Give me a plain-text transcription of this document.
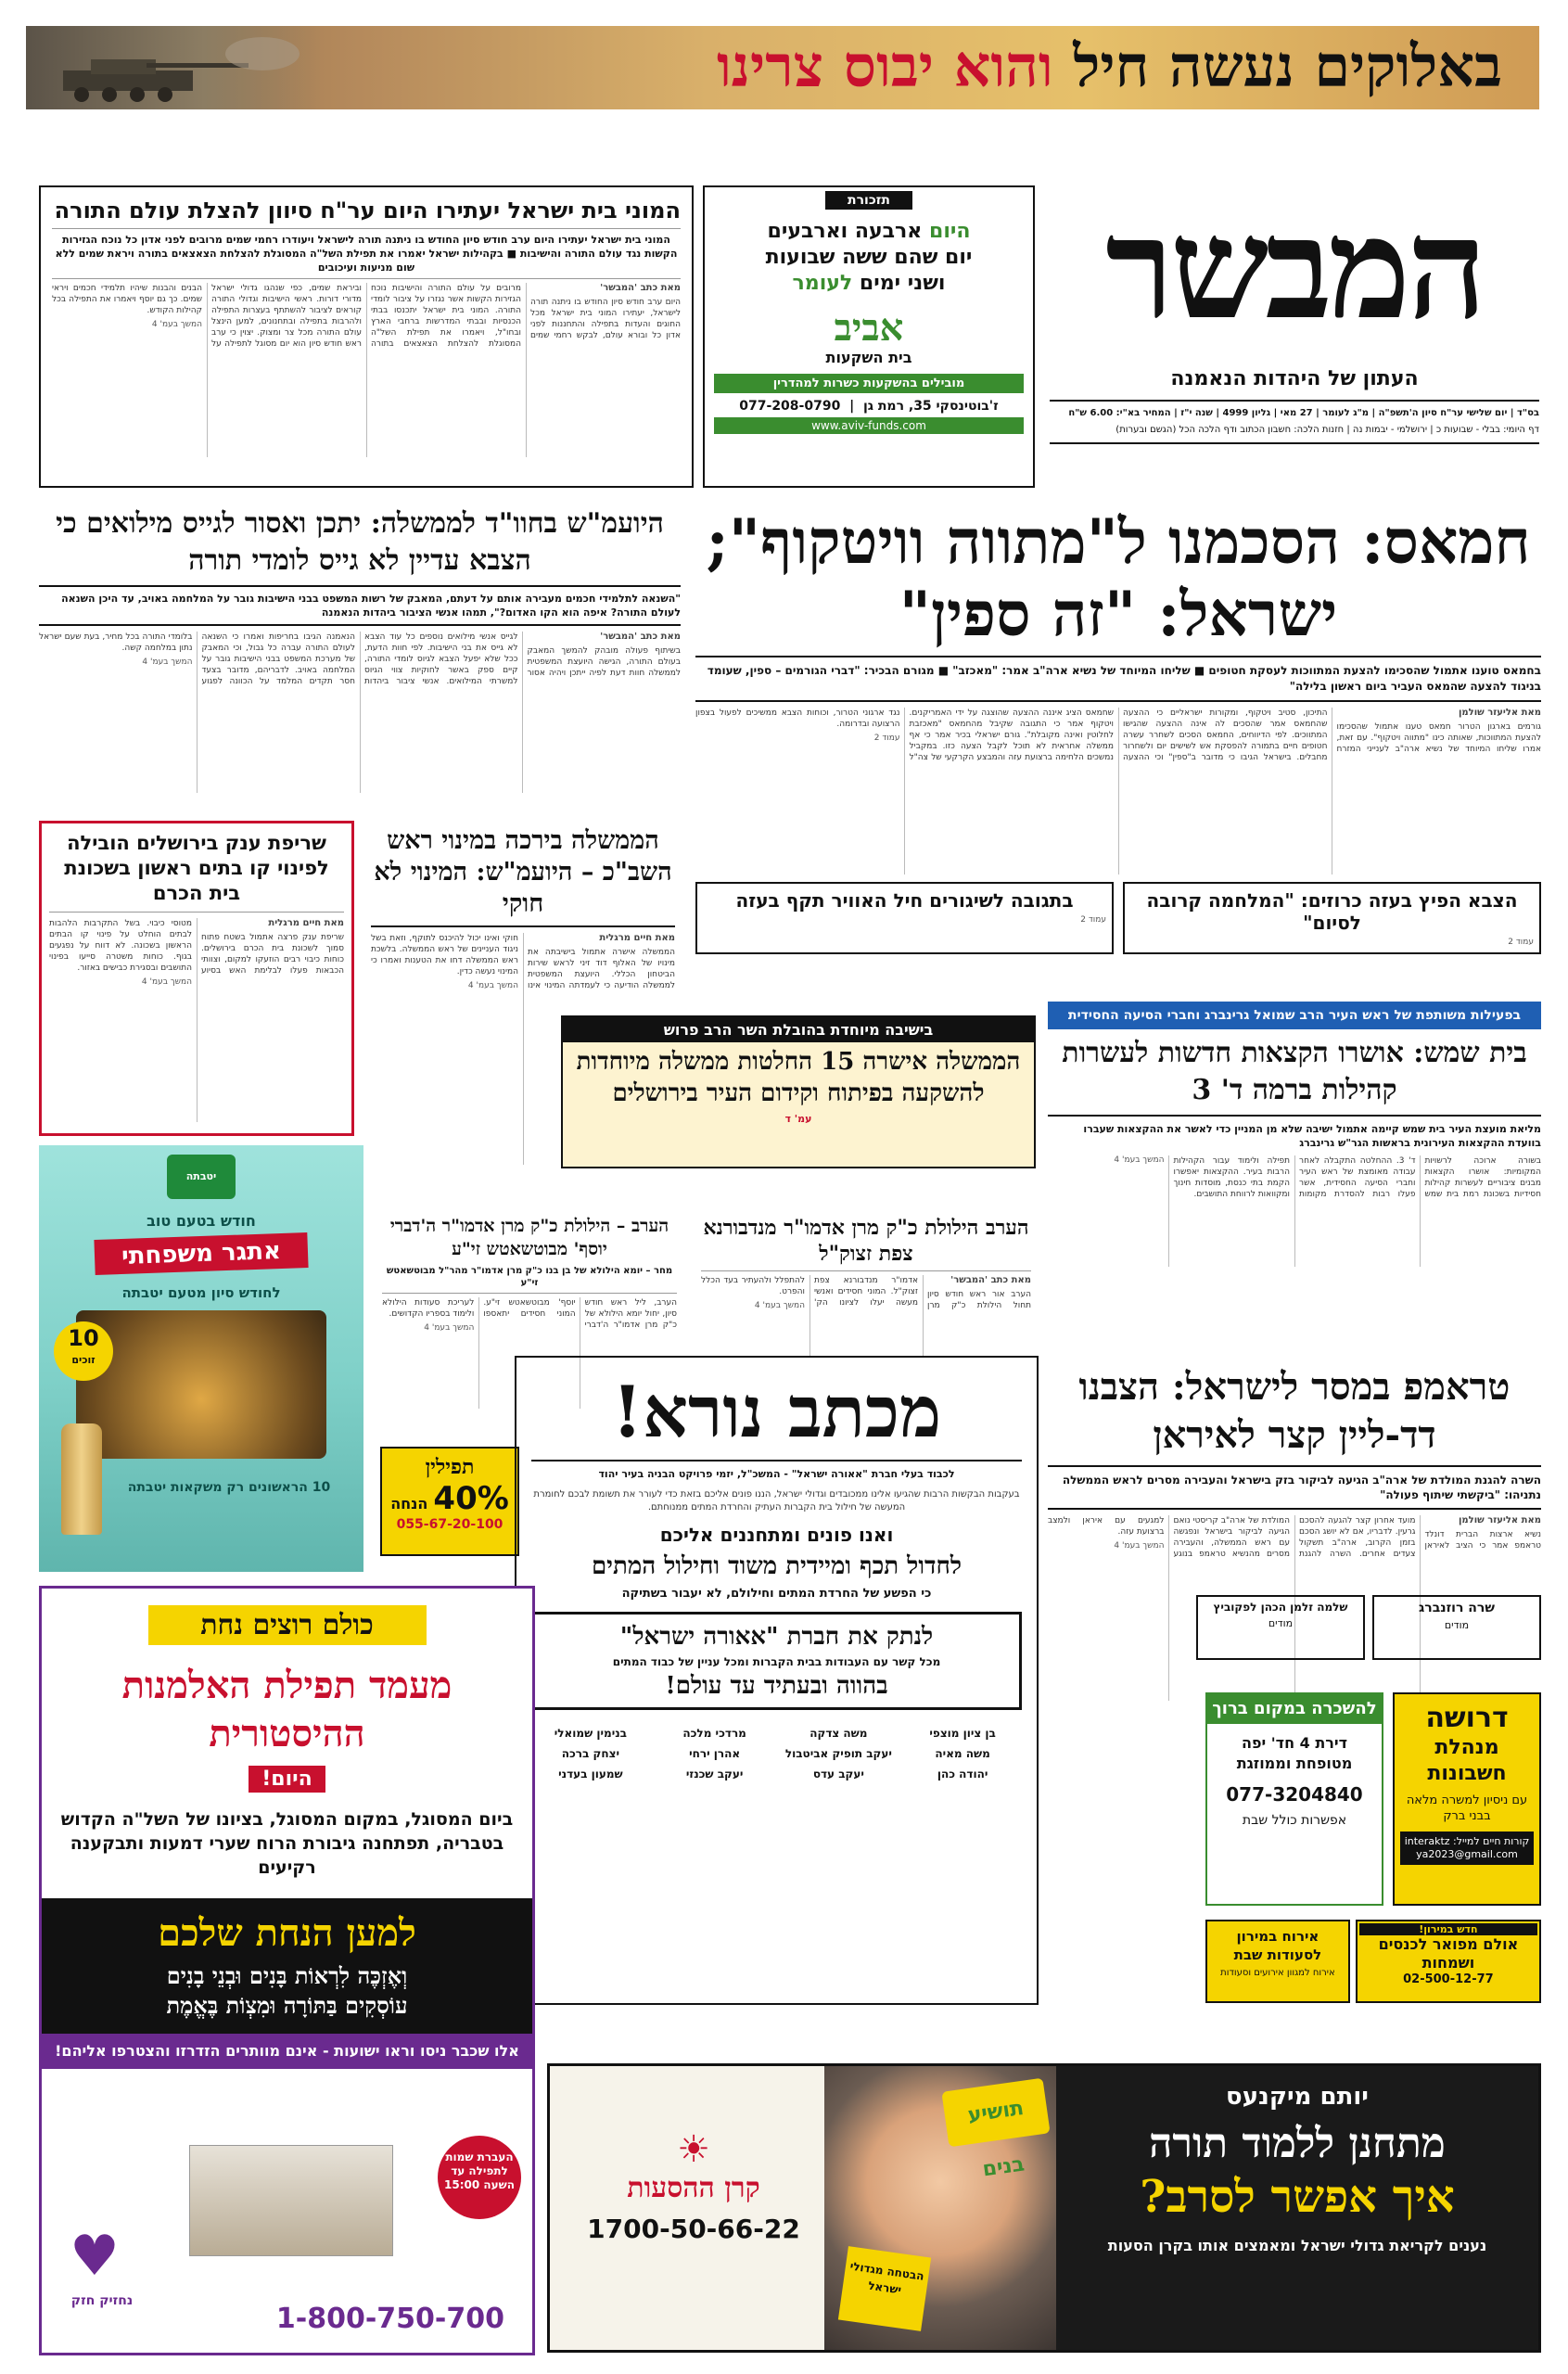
באלוקים נעשה חיל והוא יבוס צרינו
המבשר
העתון של היהדות הנאמנה
בס"ד | יום שלישי ער"ח סיון ה'תשפ"ה | מ"ג לעומר | 27 מאי | גליון 4999 | שנה י"ז | המחיר בא"י: 6.00 ש"ח
דף היומי: בבלי - שבועות כ | ירושלמי - יבמות נה | חזנות הלכה: חשבון הכתוב ודף הלכה הכל (הגשם ובערות)
תזכורת
היום ארבעה וארבעים
יום שהם ששה שבועות
ושני ימים לעומר
אביב
בית השקעות
מובילים בהשקעות כשרות למהדרין
077-208-0790  |  ז'בוטינסקי 35, רמת גן
www.aviv-funds.com
המוני בית ישראל יעתירו היום ער"ח סיוון להצלת עולם התורה
המוני בית ישראל יעתירו היום ערב חודש סיון החודש בו ניתנה תורה לישראל ויעודרו רחמי שמים מרובים לפני אדון כל נוכח הגזירות הקשות נגד עולם התורה והישיבות ■ בקהילות ישראל יאמרו את תפילת השל"ה המסוגלת להצלחת הצאצאים בתורה ויראת שמים ללא שום מניעות ועיכובים
מאת כתב 'המבשר'
היום ערב חודש סיון החודש בו ניתנה תורה לישראל, יעתירו המוני בית ישראל מכל החוגים והעדות בתפילה והתחננות לפני אדון כל ובורא עולם, לבקש רחמי שמים מרובים על עולם התורה והישיבות נוכח הגזירות הקשות אשר נגזרו על ציבור לומדי התורה. המוני בית ישראל יתכנסו בבתי הכנסיות ובבתי המדרשות ברחבי הארץ ובחו"ל, ויאמרו את תפילת השל"ה המסוגלת להצלחת הצאצאים בתורה וביראת שמים, כפי שנהגו גדולי ישראל מדורי דורות. ראשי הישיבות וגדולי התורה קוראים לציבור להשתתף בעצרות התפילה ולהרבות בתפילה ובתחנונים, למען הינצל עולם התורה מכל צר ומצוק. יצוין כי ערב ראש חודש סיון הוא יום מסוגל לתפילה על הבנים והבנות שיהיו תלמידי חכמים ויראי שמים. כך גם יוסף ויאמרו את התפילה בכל קהילות הקודש.
המשך בעמ' 4
חמאס: הסכמנו ל"מתווה וויטקוף"; ישראל: "זה ספין"
בחמאס טוענו אתמול שהסכימו להצעת המתווכות לעסקת חטופים ■ שליחו המיוחד של נשיא ארה"ב אמר: "מאכזב" ■ מגורם הבכיר: "דברי הגורמים – ספין, שעומד בניגוד להצעה שהמאס העביר ביום ראשון בלילה"
מאת אליעזר שולמן
גורמים בארגון הטרור חמאס טענו אתמול שהסכימו להצעת המתווכות, שאותה כינו "מתווה ויטקוף". עם זאת, אמרו שליחו המיוחד של נשיא ארה"ב לענייני המזרח התיכון, סטיב ויטקוף, ומקורות ישראליים כי ההצעה שהחמאס אמר שהסכים לה אינה ההצעה שהגישו המתווכים. לפי הדיווחים, החמאס הסכים לשחרר עשרה חטופים חיים בתמורה להפסקת אש לשישים יום ולשחרור מחבלים. בישראל הגיבו כי מדובר ב"ספין" וכי ההצעה שחמאס הציג איננה ההצעה שהוצגה על ידי האמריקנים. ויטקוף אמר כי התגובה שקיבל מהחמאס "מאכזבת לחלוטין ואינה מקובלת". גורם ישראלי בכיר אמר כי אף ממשלה אחראית לא תוכל לקבל הצעה כזו. במקביל נמשכים הלחימה ברצועת עזה והמבצע הקרקעי של צה"ל נגד ארגוני הטרור, וכוחות הצבא ממשיכים לפעול בצפון הרצועה ובדרומה.
עמוד 2
הצבא הפיץ בעזה כרוזים: "המלחמה קרובה לסיום"
עמוד 2
בתגובה לשיגורים חיל האוויר תקף בעזה
עמוד 2
היועמ"ש בחוו"ד לממשלה: יתכן ואסור לגייס מילואים כי הצבא עדיין לא גייס לומדי תורה
"השנאה לתלמידי חכמים מעבירה אותם על דעתם, המאבק של רשות המשפט בבני הישיבות גובר על המלחמה באויב, עד היכן השנאה לעולם התורה? איפה הוא הקו האדום?", תמהו אנשי הציבור ביהדות הנאמנה
מאת כתב 'המבשר'
בשיתוף פעולה מובהק להמשך המאבק בעולם התורה, הגישה היועצת המשפטית לממשלה חוות דעת לפיה ייתכן ויהיה אסור לגייס אנשי מילואים נוספים כל עוד הצבא לא גייס את בני הישיבות. לפי חוות הדעת, ככל שלא יפעל הצבא לגיוס לומדי התורה, קיים ספק באשר לחוקיות צווי הגיוס למשרתי המילואים. אנשי ציבור ביהדות הנאמנה הגיבו בחריפות ואמרו כי השנאה לעולם התורה עברה כל גבול, וכי המאבק של מערכת המשפט בבני הישיבות גובר על המלחמה באויב. לדבריהם, מדובר בצעד חסר תקדים המלמד על הכוונה לפגוע בלומדי התורה בכל מחיר, בעת שעם ישראל נתון במלחמה קשה.
המשך בעמ' 4
שריפת ענק בירושלים הובילה לפינוי קו בתים ראשון בשכונת בית הכרם
מאת חיים מרגלית
שריפת ענק פרצה אתמול בשטח פתוח סמוך לשכונת בית הכרם בירושלים. כוחות כיבוי רבים הוזעקו למקום, וצוותי הכבאות פעלו לבלימת האש בסיוע מטוסי כיבוי. בשל התקרבות הלהבות לבתים הוחלט על פינוי קו הבתים הראשון בשכונה. לא דווח על נפגעים בגוף. כוחות משטרה סייעו בפינוי התושבים ובסגירת כבישים באזור.
המשך בעמ' 4
הממשלה בירכה במינוי ראש השב"כ – היועמ"ש: המינוי לא חוקי
מאת חיים מרגלית
הממשלה אישרה אתמול בישיבתה את מינויו של האלוף דוד זיני לראש שירות הביטחון הכללי. היועצת המשפטית לממשלה הודיעה כי לעמדתה המינוי אינו חוקי ואינו יכול להיכנס לתוקף, וזאת בשל ניגוד העניינים של ראש הממשלה. בלשכת ראש הממשלה דחו את הטענות ואמרו כי המינוי נעשה כדין.
המשך בעמ' 4
בפעילות משותפת של ראש העיר הרב שמואל גרינברג וחברי הסיעה החסידית
בית שמש: אושרו הקצאות חדשות לעשרות קהילות ברמה ד' 3
מליאת מועצת העיר בית שמש קיימה אתמול ישיבה שלא מן המניין כדי לאשר את ההקצאות שעברו בוועדת ההקצאות העירונית בראשות הגר"ש גרינברג
בשורה ארוכה לרשויות המקומיות: אושרו הקצאות מבנים ציבוריים לעשרות קהילות חסידיות בשכונת רמת בית שמש ד' 3. ההחלטה התקבלה לאחר עבודה מאומצת של ראש העיר וחברי הסיעה החסידית, אשר פעלו רבות להסדרת מקומות תפילה ולימוד עבור הקהילות הרבות בעיר. ההקצאות יאפשרו הקמת בתי כנסת, מוסדות חינוך ומקוואות לרווחת התושבים.
המשך בעמ' 4
בישיבה מיוחדת בהובלת השר הרב פרוש
הממשלה אישרה 15 החלטות ממשלה מיוחדות להשקעה בפיתוח וקידום העיר בירושלים
עמ' ד
יטבתה
חודש בטעם טוב
אתגר משפחתי
לחודש סיון מטעם יטבתה
10
זוכים
10 הראשונים רק משקאות יטבתה
הערב הילולת כ"ק מרן אדמו"ר מנדבורנא צפת זצוק"ל
מאת כתב 'המבשר'
הערב אור ראש חודש סיון תחול הילולת כ"ק מרן אדמו"ר מנדבורנא צפת זצוק"ל. המוני חסידים ואנשי מעשה יעלו לציונו הק' להתפלל ולהעתיר בעד הכלל והפרט.
המשך בעמ' 4
הערב – הילולת כ"ק מרן אדמו"ר ה'דברי יוסף' מבוטשאטש זי"ע
מחר – יומא הילולא של בן בנו כ"ק מרן אדמו"ר מהר"ל מבוטשאטש זי"ע
הערב, ליל ראש חודש סיון, יחול יומא הילולא של כ"ק מרן אדמו"ר ה'דברי יוסף' מבוטשאטש זי"ע. המוני חסידים יתאספו לעריכת סעודות הילולא ולימוד בספריו הקדושים.
המשך בעמ' 4
תפילין
40%
הנחה
055-67-20-100
טראמפ במסר לישראל: הצבנו דד-ליין קצר לאיראן
השרה להגנת המולדת של ארה"ב הגיעה לביקור בזק בישראל והעבירה מסרים לראש הממשלה נתניהו: "ביקשתי שיתוף פעולה"
מאת אליעזר שולמן
נשיא ארצות הברית דונלד טראמפ אמר כי הציב לאיראן מועד אחרון קצר להגעה להסכם גרעין. לדבריו, אם לא יושג הסכם בזמן הקרוב, ארה"ב תשקול צעדים אחרים. השרה להגנת המולדת של ארה"ב קריסטי נואם הגיעה לביקור בישראל ונפגשה עם ראש הממשלה, והעבירה מסרים מהנשיא טראמפ בנוגע למגעים עם איראן ולמצב ברצועת עזה.
המשך בעמ' 4
שרה רוזנברג
מודים
שלמה זלמן הכהן לפקוביץ
מודים
דרושה
מנהלת חשבונות
עם ניסיון למשרה מלאה בבני ברק
קורות חיים למייל: interaktzya2023@gmail.com
להשכרה במקום ברוך
דירת 4 חד' יפה מטופחת וממוזגת
077-3204840
אפשרות כולל שבת
חדש במירון!
אולם מפואר לכנסים ושמחות
02-500-12-77
אירוח במירון לסעודות שבת
אירוח למגוון אירועים וסעודות
מכתב נורא!
לכבוד בעלי חברת "אאורה ישראל" - המשכ"ל, יזמי פרויקט הבניה בעיר יהוד
בעקבות הבקשות הרבות שהגיעו אלינו ממכובדים וגדולי ישראל, הננו פונים אליכם בזאת כדי לעורר את תשומת לבכם לחומרת המעשה של חילול בית הקברות העתיק והחרדת המתים ממנוחתם.
ואנו פונים ומתחננים אליכם
לחדול תכף ומיידית משוד וחילול המתים
כי הפשע של החרדת המתים וחילולם, לא יעבור בשתיקה
לנתק את חברת "אאורה ישראל"
מכל קשר עם העבודות בבית הקברות ומכל עניין של כבוד המתים
בהווה ובעתיד עד עולם!
בן ציון מוצפי
משה צדקה
מרדכי מלכה
בנימין שמואלי
משה מאיה
יעקב תופיק אביטבול
אהרן ירחי
יצחק ברכה
יהודה כהן
יעקב עדס
יעקב שכנזי
שמעון בעדני
כולם רוצים נחת
מעמד תפילת האלמנות ההיסטורית
היום!
ביום המסוגל, במקום המסוגל, בציונו של השל"ה הקדוש בטבריה, תפתחנה גיבורת הרוח שערי דמעות ותבקענה רקיעים
למען הנחת שלכם
וְאֶזְכֶּה לִרְאוֹת בָּנִים וּבְנֵי בָנִים
עוֹסְקִים בַּתּוֹרָה וּמִצְוֹת בֶּאֱמֶת
אלו שכבר ניסו וראו ישועות - אינם מוותרים הזדרזו והצטרפו אליהם!
העברת שמות לתפילה עד השעה 15:00
♥
נחזיק חזק
1-800-750-700
יותם מיקנעס
מתחנן ללמוד תורה
איך אפשר לסרב?
נענים לקריאת גדולי ישראל ומאמצים אותו בקרן הסעות
תושיע בנים
הבטחה מגדולי ישראל
☀
קרן ההסעות
1700-50-66-22
